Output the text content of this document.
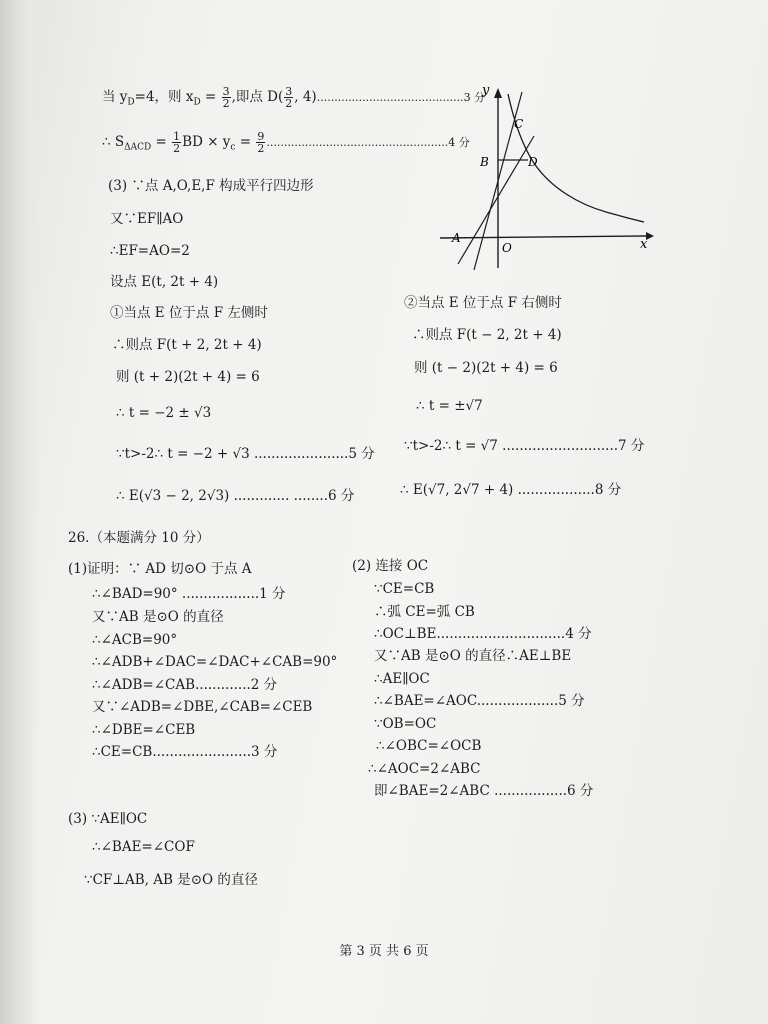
当 $y_D=4$，则 $x_D = \frac{3}{2}$ ,即点 $D( \frac{3}{2}$ , 4)..........................................3 分
∴ $S_{\Delta ACD} = \frac{1}{2}$ BD × $y_c = \frac{9}{2} ....................................................4$ 分
(3) ∵点 A,O,E,F 构成平行四边形
又∵EF∥AO
∴EF=AO=2
设点 E(t, 2t + 4)
①当点 E 位于点 F 左侧时
∴则点 F(t + 2, 2t + 4)
则 (t + 2)(2t + 4) = 6
∴ t = −2 ± √3
∵t>-2∴ t = −2 + √3 ......................5 分
∴ E(√3 − 2, 2√3) ............. ........6 分
②当点 E 位于点 F 右侧时
∴则点 F(t − 2, 2t + 4)
则 (t − 2)(2t + 4) = 6
∴ t = ±√7
∵t>-2∴ t = √7 ...........................7 分
∴ E(√7, 2√7 + 4) ..................8 分
y
x
A
B
C
D
O
26.（本题满分 10 分）
(1)证明：∵ AD 切⊙O 于点 A
∴∠BAD=90° ..................1 分
又∵AB 是⊙O 的直径
∴∠ACB=90°
∴∠ADB+∠DAC=∠DAC+∠CAB=90°
∴∠ADB=∠CAB.............2 分
又∵∠ADB=∠DBE,∠CAB=∠CEB
∴∠DBE=∠CEB
∴CE=CB.......................3 分
(2) 连接 OC
∵CE=CB
∴弧 CE=弧 CB
∴OC⊥BE..............................4 分
又∵AB 是⊙O 的直径∴AE⊥BE
∴AE∥OC
∴∠BAE=∠AOC...................5 分
∵OB=OC
∴∠OBC=∠OCB
∴∠AOC=2∠ABC
即∠BAE=2∠ABC .................6 分
(3) ∵AE∥OC
∴∠BAE=∠COF
∵CF⊥AB, AB 是⊙O 的直径
第 3 页 共 6 页
